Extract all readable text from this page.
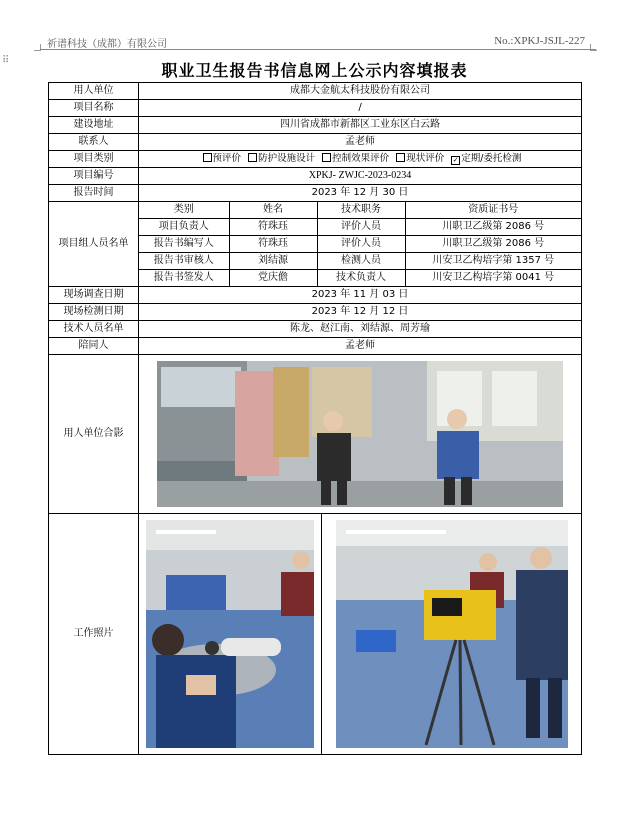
⠿
祈谱科技（成都）有限公司	No.:XPKJ-JSJL-227
职业卫生报告书信息网上公示内容填报表
用人单位	成都大金航太科技股份有限公司
项目名称	/
建设地址	四川省成都市新都区工业东区白云路
联系人	孟老师
项目类别	预评价 防护设施设计 控制效果评价 现状评价 ✓ 定期/委托检测
项目编号	XPKJ- ZWJC-2023-0234
报告时间	2023 年 12 月 30 日
项目组人员名单	
类别	姓名	技术职务	资质证书号
项目负责人	符珠珏	评价人员	川职卫乙级第 2086 号
报告书编写人	符珠珏	评价人员	川职卫乙级第 2086 号
报告书审核人	刘结源	检测人员	川安卫乙构培字第 1357 号
报告书签发人	党庆儋	技术负责人	川安卫乙构培字第 0041 号

现场调查日期	2023 年 11 月 03 日
现场检测日期	2023 年 12 月 12 日
技术人员名单	陈龙、赵江南、刘结源、周芳瑜
陪同人	孟老师
用人单位合影	

工作照片	
